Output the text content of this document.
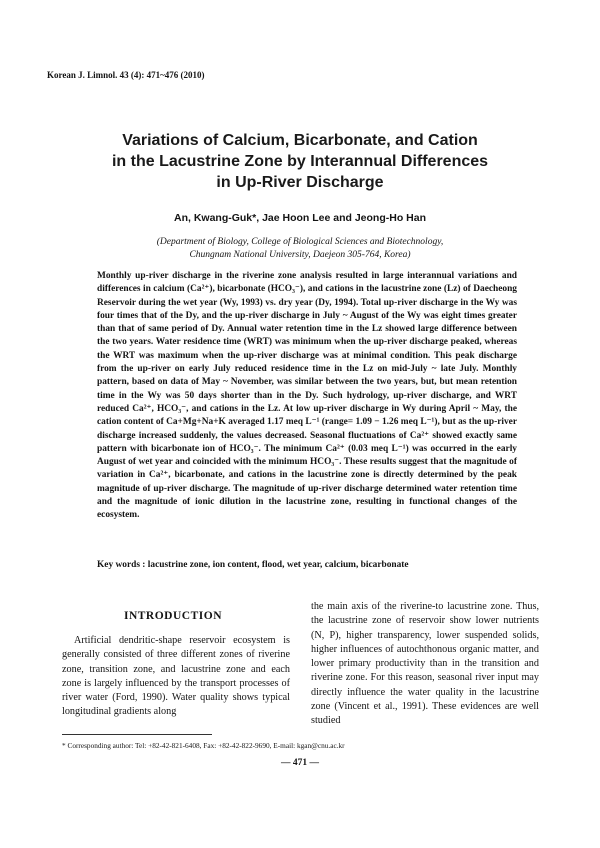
Korean J. Limnol. 43 (4): 471~476 (2010)
Variations of Calcium, Bicarbonate, and Cation
in the Lacustrine Zone by Interannual Differences
in Up-River Discharge
An, Kwang-Guk*, Jae Hoon Lee and Jeong-Ho Han
(Department of Biology, College of Biological Sciences and Biotechnology,
Chungnam National University, Daejeon 305-764, Korea)

Monthly up-river discharge in the riverine zone analysis resulted in large interannual variations and differences in calcium (Ca²⁺), bicarbonate (HCO₃⁻), and cations in the lacustrine zone (Lz) of Daecheong Reservoir during the wet year (Wy, 1993) vs. dry year (Dy, 1994). Total up-river discharge in the Wy was four times that of the Dy, and the up-river discharge in July ~ August of the Wy was eight times greater than that of same period of Dy. Annual water retention time in the Lz showed large difference between the two years. Water residence time (WRT) was minimum when the up-river discharge peaked, whereas the WRT was maximum when the up-river discharge was at minimal condition. This peak discharge from the up-river on early July reduced residence time in the Lz on mid-July ~ late July. Monthly pattern, based on data of May ~ November, was similar between the two years, but, but mean retention time in the Wy was 50 days shorter than in the Dy. Such hydrology, up-river discharge, and WRT reduced Ca²⁺, HCO₃⁻, and cations in the Lz. At low up-river discharge in Wy during April ~ May, the cation content of Ca+Mg+Na+K averaged 1.17 meq L⁻¹ (range= 1.09 − 1.26 meq L⁻¹), but as the up-river discharge increased suddenly, the values decreased. Seasonal fluctuations of Ca²⁺ showed exactly same pattern with bicarbonate ion of HCO₃⁻. The minimum Ca²⁺ (0.03 meq L⁻¹) was occurred in the early August of wet year and coincided with the minimum HCO₃⁻. These results suggest that the magnitude of variation in Ca²⁺, bicarbonate, and cations in the lacustrine zone is directly determined by the peak magnitude of up-river discharge. The magnitude of up-river discharge determined water retention time and the magnitude of ionic dilution in the lacustrine zone, resulting in functional changes of the ecosystem.

Key words : lacustrine zone, ion content, flood, wet year, calcium, bicarbonate

INTRODUCTION

Artificial dendritic-shape reservoir ecosystem is generally consisted of three different zones of riverine zone, transition zone, and lacustrine zone and each zone is largely influenced by the transport processes of river water (Ford, 1990). Water quality shows typical longitudinal gradients along

the main axis of the riverine-to lacustrine zone. Thus, the lacustrine zone of reservoir show lower nutrients (N, P), higher transparency, lower suspended solids, higher influences of autochthonous organic matter, and lower primary productivity than in the transition and riverine zone. For this reason, seasonal river input may directly influence the water quality in the lacustrine zone (Vincent et al., 1991). These evidences are well studied

* Corresponding author: Tel: +82-42-821-6408, Fax: +82-42-822-9690, E-mail: kgan@cnu.ac.kr
— 471 —
